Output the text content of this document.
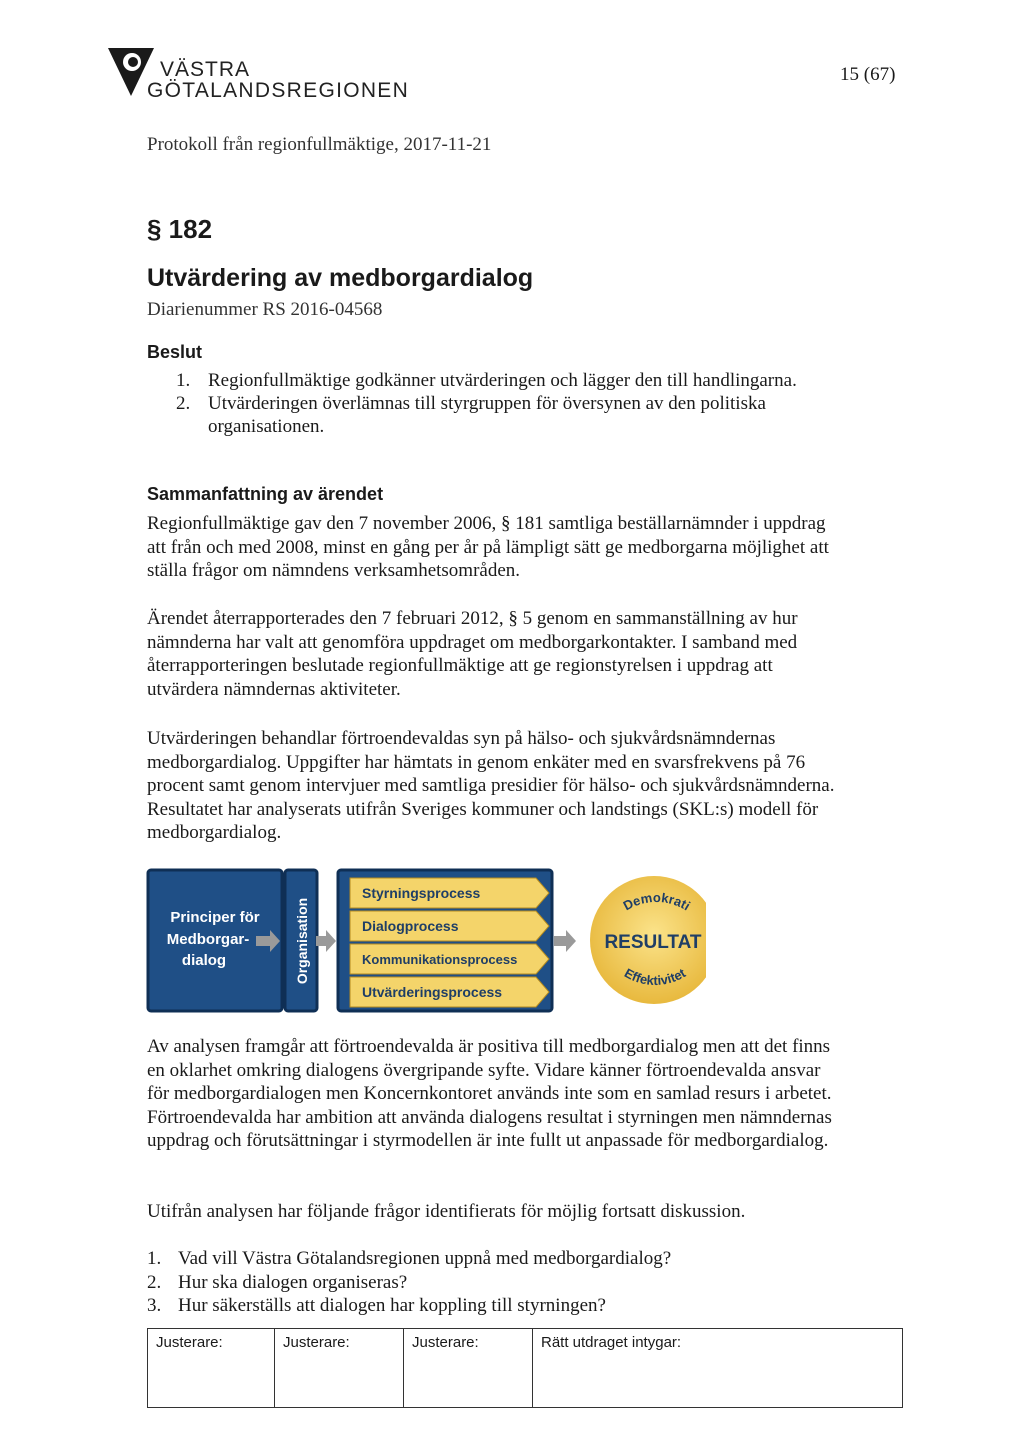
VÄSTRA
GÖTALANDSREGIONEN
15 (67)
Protokoll från regionfullmäktige, 2017-11-21
§ 182
Utvärdering av medborgardialog
Diarienummer RS 2016-04568
Beslut
1. Regionfullmäktige godkänner utvärderingen och lägger den till handlingarna.
2. Utvärderingen överlämnas till styrgruppen för översynen av den politiska organisationen.
Sammanfattning av ärendet

Regionfullmäktige gav den 7 november 2006, § 181 samtliga beställarnämnder i uppdrag att från och med 2008, minst en gång per år på lämpligt sätt ge medborgarna möjlighet att ställa frågor om nämndens verksamhetsområden.

Ärendet återrapporterades den 7 februari 2012, § 5 genom en sammanställning av hur nämnderna har valt att genomföra uppdraget om medborgarkontakter. I samband med återrapporteringen beslutade regionfullmäktige att ge regionstyrelsen i uppdrag att utvärdera nämndernas aktiviteter.

Utvärderingen behandlar förtroendevaldas syn på hälso- och sjukvårdsnämndernas medborgardialog. Uppgifter har hämtats in genom enkäter med en svarsfrekvens på 76 procent samt genom intervjuer med samtliga presidier för hälso- och sjukvårdsnämnderna. Resultatet har analyserats utifrån Sveriges kommuner och landstings (SKL:s) modell för medborgardialog.

Principer för
Medborgar-
dialog	Organisation
Styrningsprocess
Dialogprocess
Kommunikationsprocess
Utvärderingsprocess
Demokrati
RESULTAT
Effektivitet

Av analysen framgår att förtroendevalda är positiva till medborgardialog men att det finns en oklarhet omkring dialogens övergripande syfte. Vidare känner förtroendevalda ansvar för medborgardialogen men Koncernkontoret används inte som en samlad resurs i arbetet. Förtroendevalda har ambition att använda dialogens resultat i styrningen men nämndernas uppdrag och förutsättningar i styrmodellen är inte fullt ut anpassade för medborgardialog.

Utifrån analysen har följande frågor identifierats för möjlig fortsatt diskussion.

1. Vad vill Västra Götalandsregionen uppnå med medborgardialog?
2. Hur ska dialogen organiseras?
3. Hur säkerställs att dialogen har koppling till styrningen?
Justerare:	Justerare:	Justerare:	Rätt utdraget intygar:
